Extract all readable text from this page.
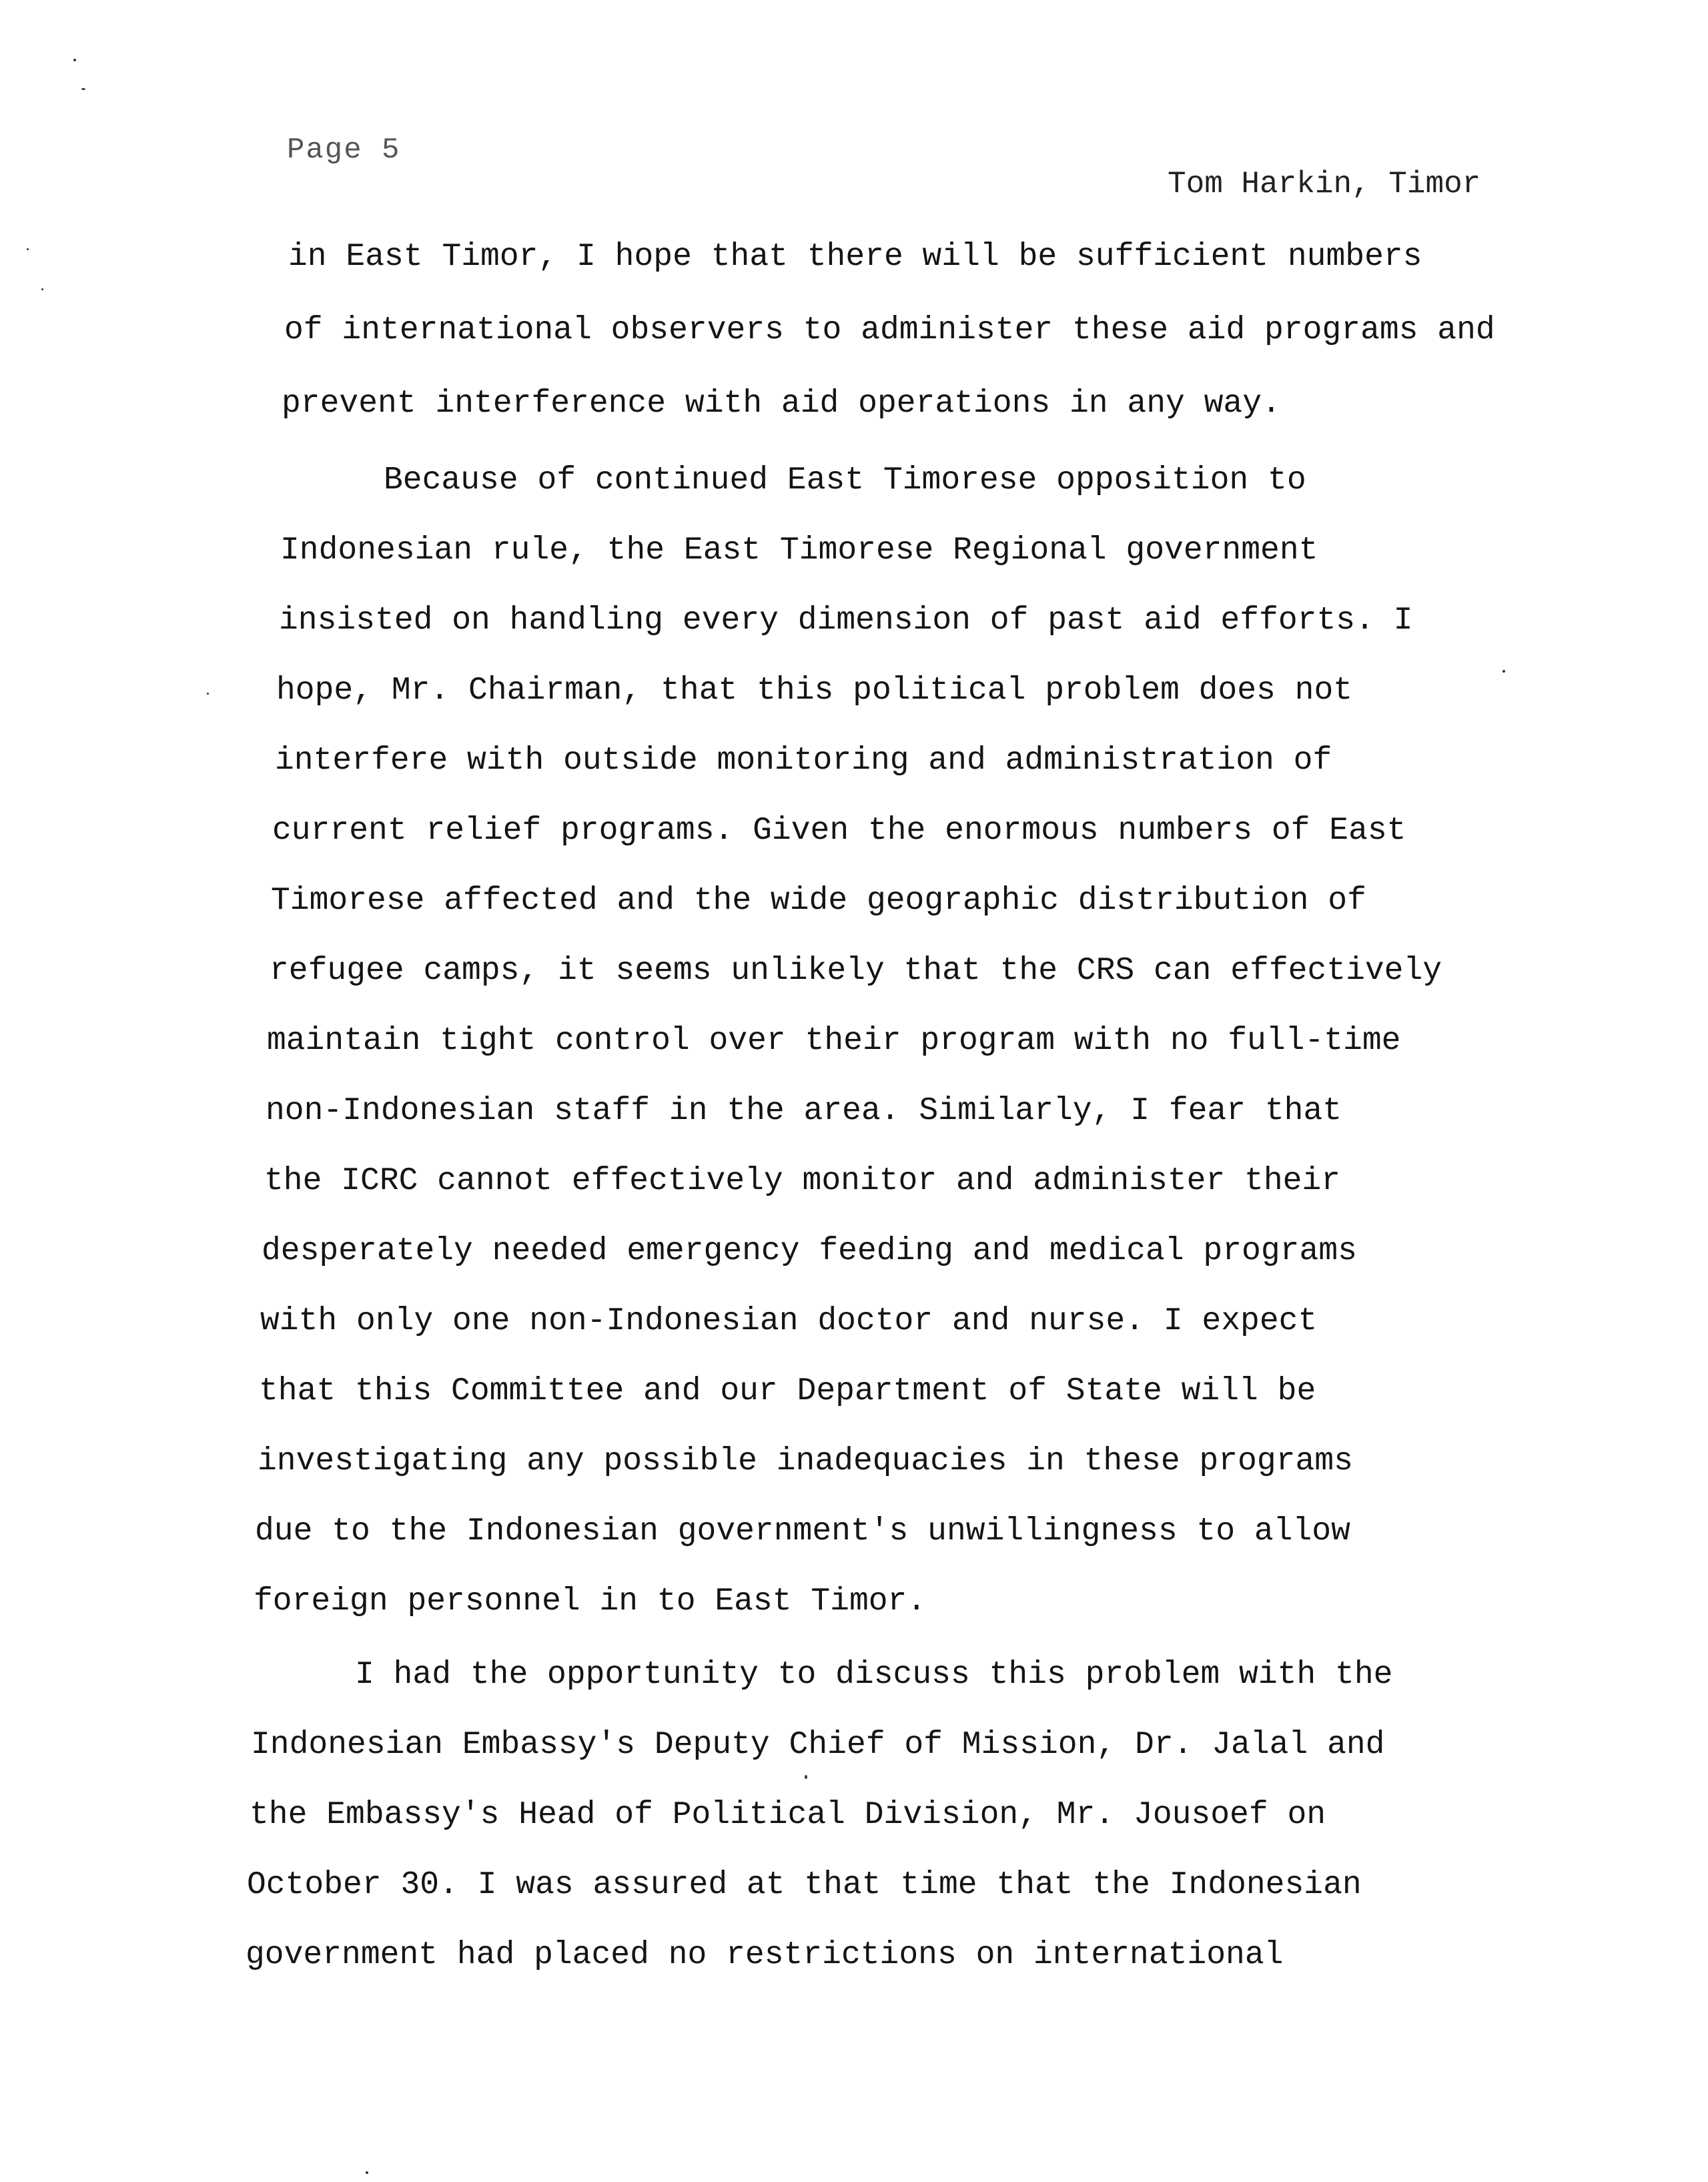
Page 5
Tom Harkin, Timor
in East Timor, I hope that there will be sufficient numbers
of international observers to administer these aid programs and
prevent interference with aid operations in any way.
Because of continued East Timorese opposition to
Indonesian rule, the East Timorese Regional government
insisted on handling every dimension of past aid efforts. I
hope, Mr. Chairman, that this political problem does not
interfere with outside monitoring and administration of
current relief programs. Given the enormous numbers of East
Timorese affected and the wide geographic distribution of
refugee camps, it seems unlikely that the CRS can effectively
maintain tight control over their program with no full-time
non-Indonesian staff in the area. Similarly, I fear that
the ICRC cannot effectively monitor and administer their
desperately needed emergency feeding and medical programs
with only one non-Indonesian doctor and nurse. I expect
that this Committee and our Department of State will be
investigating any possible inadequacies in these programs
due to the Indonesian government's unwillingness to allow
foreign personnel in to East Timor.
I had the opportunity to discuss this problem with the
Indonesian Embassy's Deputy Chief of Mission, Dr. Jalal and
the Embassy's Head of Political Division, Mr. Jousoef on
October 30. I was assured at that time that the Indonesian
government had placed no restrictions on international
